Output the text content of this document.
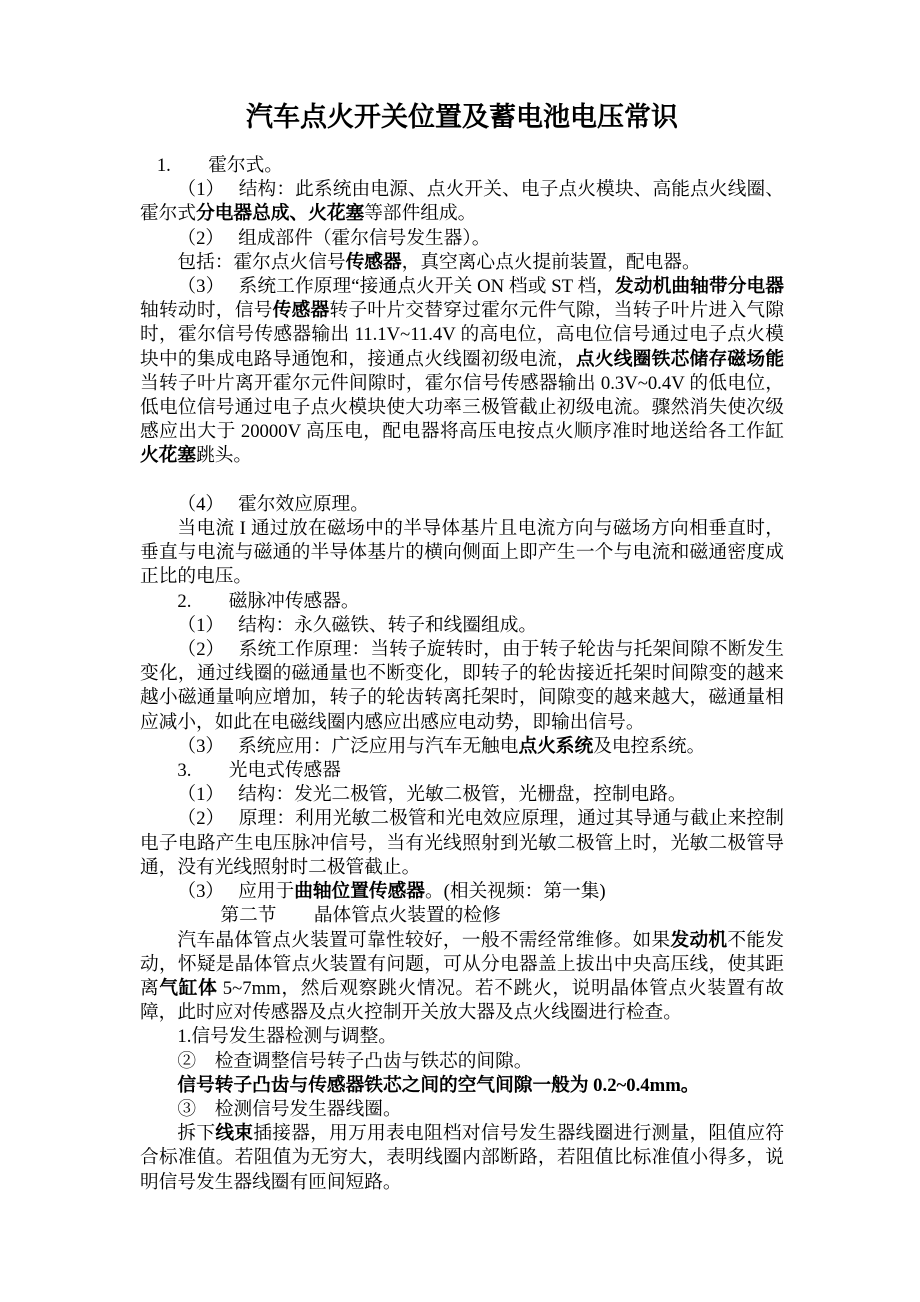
汽车点火开关位置及蓄电池电压常识

1.　　霍尔式。

（1）　 结构：此系统由电源、点火开关、电子点火模块、高能点火线圈、霍尔式分电器总成、火花塞等部件组成。

（2）　 组成部件（霍尔信号发生器）。

包括：霍尔点火信号传感器，真空离心点火提前装置，配电器。

（3）　 系统工作原理“接通点火开关 ON 档或 ST 档，发动机曲轴带分电器轴转动时，信号传感器转子叶片交替穿过霍尔元件气隙，当转子叶片进入气隙时，霍尔信号传感器输出 11.1V~11.4V 的高电位，高电位信号通过电子点火模块中的集成电路导通饱和，接通点火线圈初级电流，点火线圈铁芯储存磁场能 当转子叶片离开霍尔元件间隙时，霍尔信号传感器输出 0.3V~0.4V 的低电位，低电位信号通过电子点火模块使大功率三极管截止初级电流。骤然消失使次级感应出大于 20000V 高压电，配电器将高压电按点火顺序准时地送给各工作缸火花塞跳头。

（4）　 霍尔效应原理。

当电流 I 通过放在磁场中的半导体基片且电流方向与磁场方向相垂直时，垂直与电流与磁通的半导体基片的横向侧面上即产生一个与电流和磁通密度成正比的电压。

2.　　磁脉冲传感器。

（1）　 结构：永久磁铁、转子和线圈组成。

（2）　 系统工作原理：当转子旋转时，由于转子轮齿与托架间隙不断发生变化，通过线圈的磁通量也不断变化，即转子的轮齿接近托架时间隙变的越来越小磁通量响应增加，转子的轮齿转离托架时，间隙变的越来越大，磁通量相应减小，如此在电磁线圈内感应出感应电动势，即输出信号。

（3）　 系统应用：广泛应用与汽车无触电点火系统及电控系统。

3.　　光电式传感器

（1）　 结构：发光二极管，光敏二极管，光栅盘，控制电路。

（2）　 原理：利用光敏二极管和光电效应原理，通过其导通与截止来控制电子电路产生电压脉冲信号，当有光线照射到光敏二极管上时，光敏二极管导通，没有光线照射时二极管截止。

（3）　 应用于曲轴位置传感器。(相关视频：第一集)

第二节　　晶体管点火装置的检修

汽车晶体管点火装置可靠性较好，一般不需经常维修。如果发动机不能发动，怀疑是晶体管点火装置有问题，可从分电器盖上拔出中央高压线，使其距离气缸体 5~7mm，然后观察跳火情况。若不跳火，说明晶体管点火装置有故障，此时应对传感器及点火控制开关放大器及点火线圈进行检查。

1.信号发生器检测与调整。

②　检查调整信号转子凸齿与铁芯的间隙。

信号转子凸齿与传感器铁芯之间的空气间隙一般为 0.2~0.4mm。

③　检测信号发生器线圈。

拆下线束插接器，用万用表电阻档对信号发生器线圈进行测量，阻值应符合标准值。若阻值为无穷大，表明线圈内部断路，若阻值比标准值小得多，说明信号发生器线圈有匝间短路。
